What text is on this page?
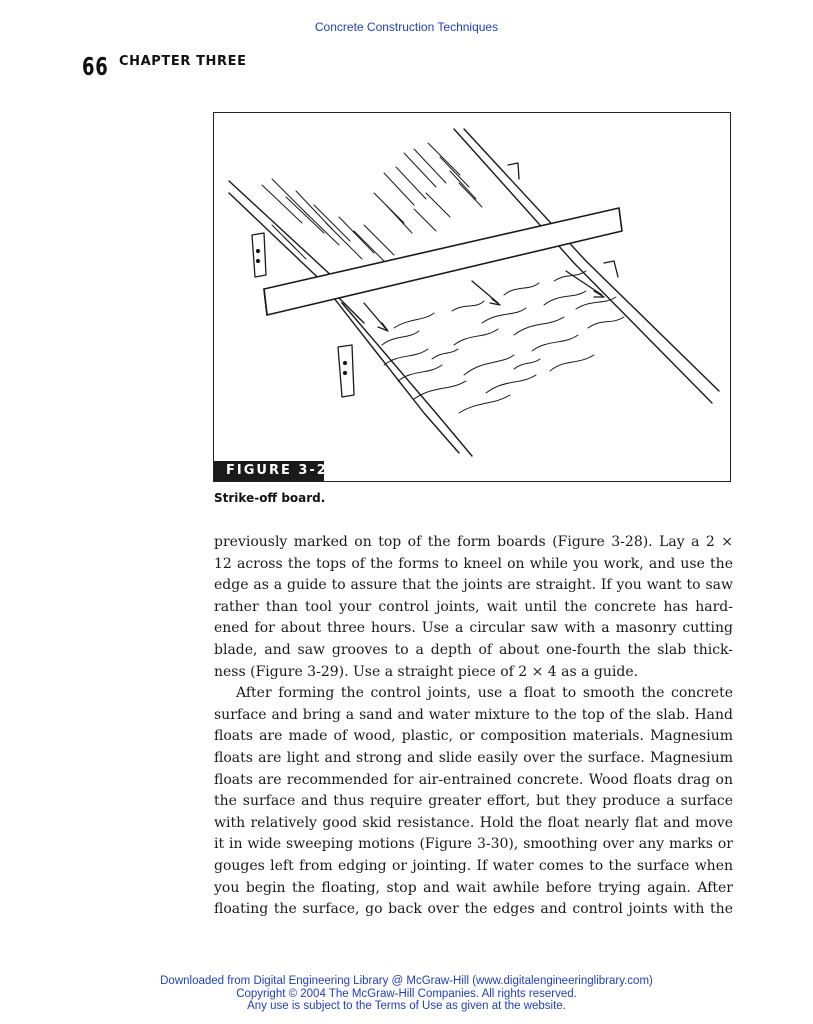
Concrete Construction Techniques
66 CHAPTER THREE
FIGURE 3-24
Strike-off board.
previously marked on top of the form boards (Figure 3-28). Lay a 2 ×
12 across the tops of the forms to kneel on while you work, and use the
edge as a guide to assure that the joints are straight. If you want to saw
rather than tool your control joints, wait until the concrete has hard-
ened for about three hours. Use a circular saw with a masonry cutting
blade, and saw grooves to a depth of about one-fourth the slab thick-
ness (Figure 3-29). Use a straight piece of 2 × 4 as a guide.
After forming the control joints, use a float to smooth the concrete
surface and bring a sand and water mixture to the top of the slab. Hand
floats are made of wood, plastic, or composition materials. Magnesium
floats are light and strong and slide easily over the surface. Magnesium
floats are recommended for air-entrained concrete. Wood floats drag on
the surface and thus require greater effort, but they produce a surface
with relatively good skid resistance. Hold the float nearly flat and move
it in wide sweeping motions (Figure 3-30), smoothing over any marks or
gouges left from edging or jointing. If water comes to the surface when
you begin the floating, stop and wait awhile before trying again. After
floating the surface, go back over the edges and control joints with the
Downloaded from Digital Engineering Library @ McGraw-Hill (www.digitalengineeringlibrary.com)
Copyright © 2004 The McGraw-Hill Companies. All rights reserved.
Any use is subject to the Terms of Use as given at the website.
